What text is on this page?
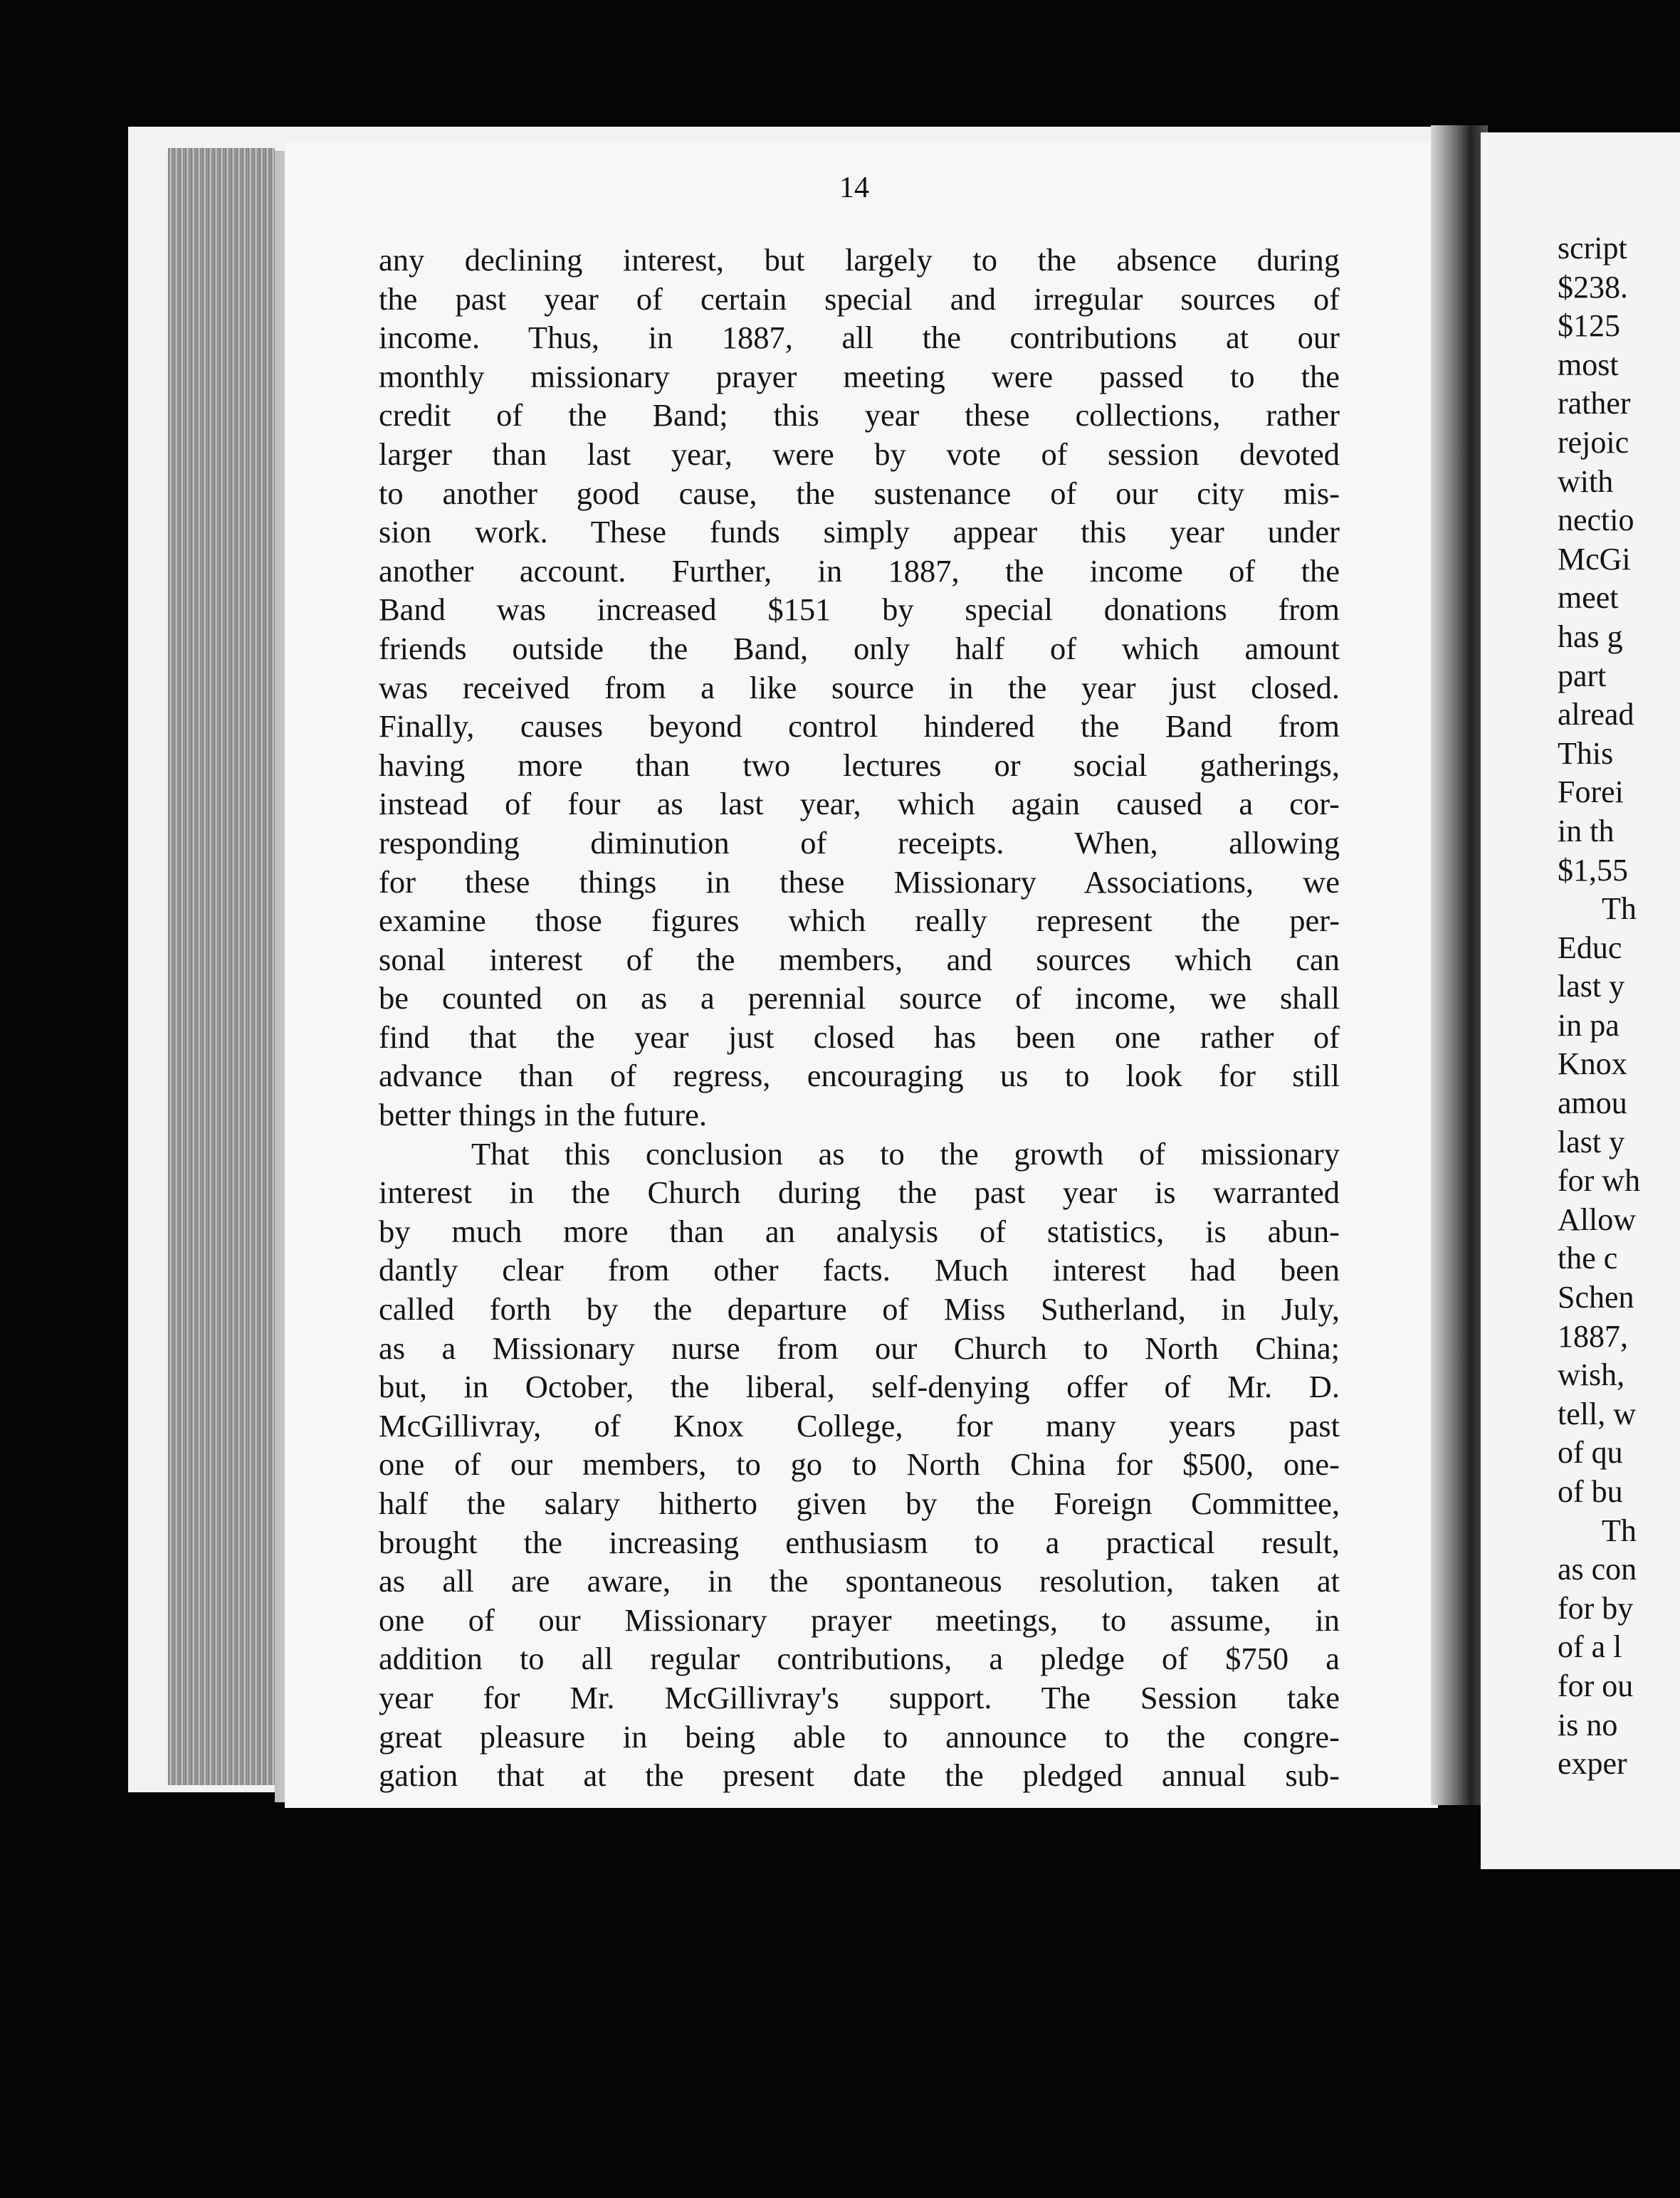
14
any declining interest, but largely to the absence during
the past year of certain special and irregular sources of
income. Thus, in 1887, all the contributions at our
monthly missionary prayer meeting were passed to the
credit of the Band; this year these collections, rather
larger than last year, were by vote of session devoted
to another good cause, the sustenance of our city mis-
sion work. These funds simply appear this year under
another account. Further, in 1887, the income of the
Band was increased $151 by special donations from
friends outside the Band, only half of which amount
was received from a like source in the year just closed.
Finally, causes beyond control hindered the Band from
having more than two lectures or social gatherings,
instead of four as last year, which again caused a cor-
responding diminution of receipts. When, allowing
for these things in these Missionary Associations, we
examine those figures which really represent the per-
sonal interest of the members, and sources which can
be counted on as a perennial source of income, we shall
find that the year just closed has been one rather of
advance than of regress, encouraging us to look for still
better things in the future.
That this conclusion as to the growth of missionary
interest in the Church during the past year is warranted
by much more than an analysis of statistics, is abun-
dantly clear from other facts. Much interest had been
called forth by the departure of Miss Sutherland, in July,
as a Missionary nurse from our Church to North China;
but, in October, the liberal, self-denying offer of Mr. D.
McGillivray, of Knox College, for many years past
one of our members, to go to North China for $500, one-
half the salary hitherto given by the Foreign Committee,
brought the increasing enthusiasm to a practical result,
as all are aware, in the spontaneous resolution, taken at
one of our Missionary prayer meetings, to assume, in
addition to all regular contributions, a pledge of $750 a
year for Mr. McGillivray's support. The Session take
great pleasure in being able to announce to the congre-
gation that at the present date the pledged annual sub-
script
$238.
$125
most
rather
rejoic
with
nectio
McGi
meet
has g
part
alread
This
Forei
in th
$1,55
Th
Educ
last y
in pa
Knox
amou
last y
for wh
Allow
the c
Schen
1887,
wish,
tell, w
of qu
of bu
Th
as con
for by
of a l
for ou
is no
exper
